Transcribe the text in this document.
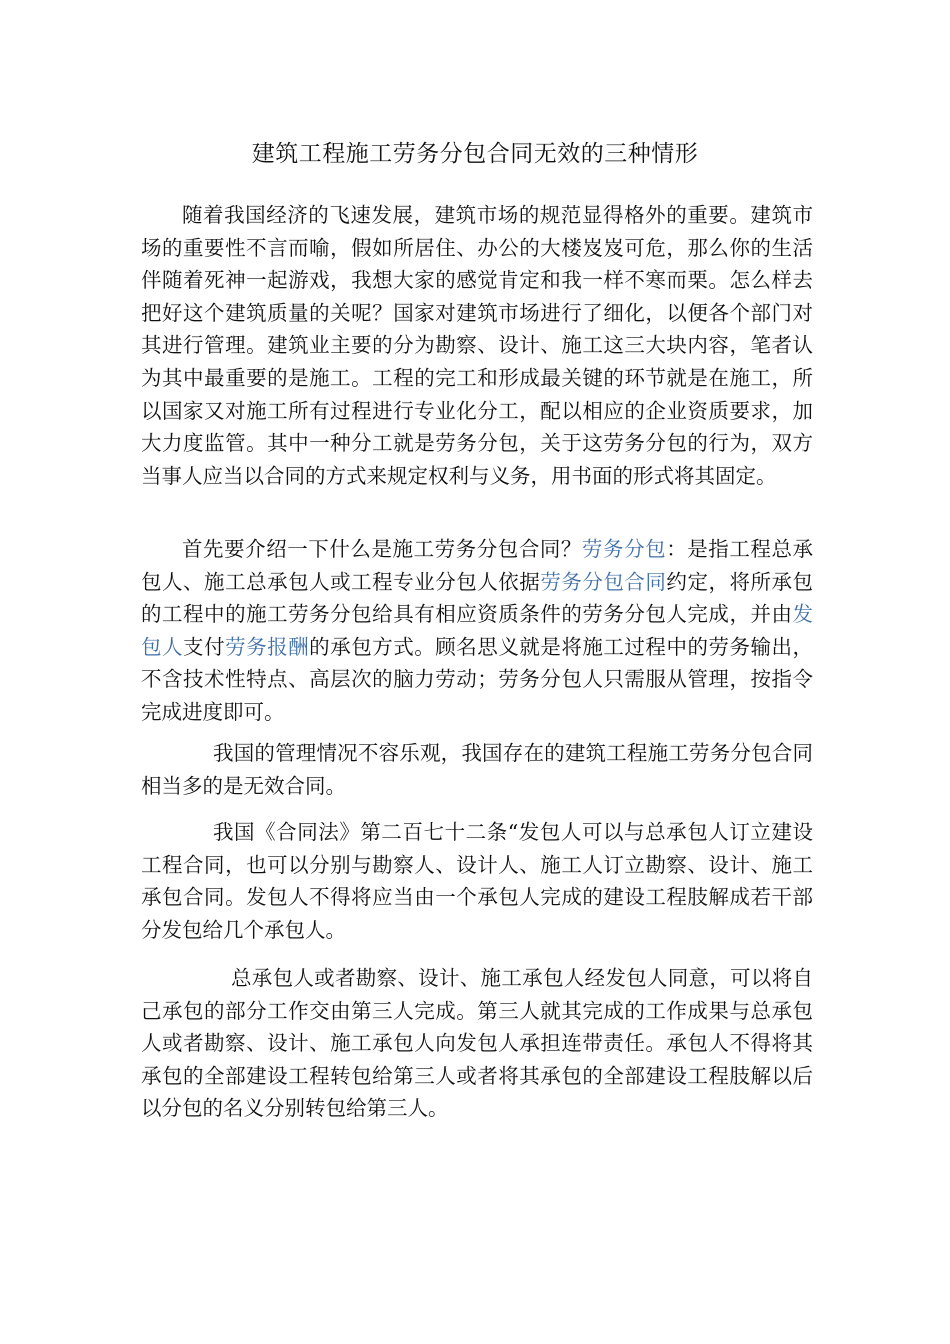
建筑工程施工劳务分包合同无效的三种情形

随着我国经济的飞速发展，建筑市场的规范显得格外的重要。建筑市场的重要性不言而喻，假如所居住、办公的大楼岌岌可危，那么你的生活伴随着死神一起游戏，我想大家的感觉肯定和我一样不寒而栗。怎么样去把好这个建筑质量的关呢？国家对建筑市场进行了细化，以便各个部门对其进行管理。建筑业主要的分为勘察、设计、施工这三大块内容，笔者认为其中最重要的是施工。工程的完工和形成最关键的环节就是在施工，所以国家又对施工所有过程进行专业化分工，配以相应的企业资质要求，加大力度监管。其中一种分工就是劳务分包，关于这劳务分包的行为，双方当事人应当以合同的方式来规定权利与义务，用书面的形式将其固定。

首先要介绍一下什么是施工劳务分包合同？劳务分包：是指工程总承包人、施工总承包人或工程专业分包人依据劳务分包合同约定，将所承包的工程中的施工劳务分包给具有相应资质条件的劳务分包人完成，并由发包人支付劳务报酬的承包方式。顾名思义就是将施工过程中的劳务输出，不含技术性特点、高层次的脑力劳动；劳务分包人只需服从管理，按指令完成进度即可。

我国的管理情况不容乐观，我国存在的建筑工程施工劳务分包合同相当多的是无效合同。

我国《合同法》第二百七十二条“发包人可以与总承包人订立建设工程合同，也可以分别与勘察人、设计人、施工人订立勘察、设计、施工承包合同。发包人不得将应当由一个承包人完成的建设工程肢解成若干部分发包给几个承包人。

总承包人或者勘察、设计、施工承包人经发包人同意，可以将自己承包的部分工作交由第三人完成。第三人就其完成的工作成果与总承包人或者勘察、设计、施工承包人向发包人承担连带责任。承包人不得将其承包的全部建设工程转包给第三人或者将其承包的全部建设工程肢解以后以分包的名义分别转包给第三人。
